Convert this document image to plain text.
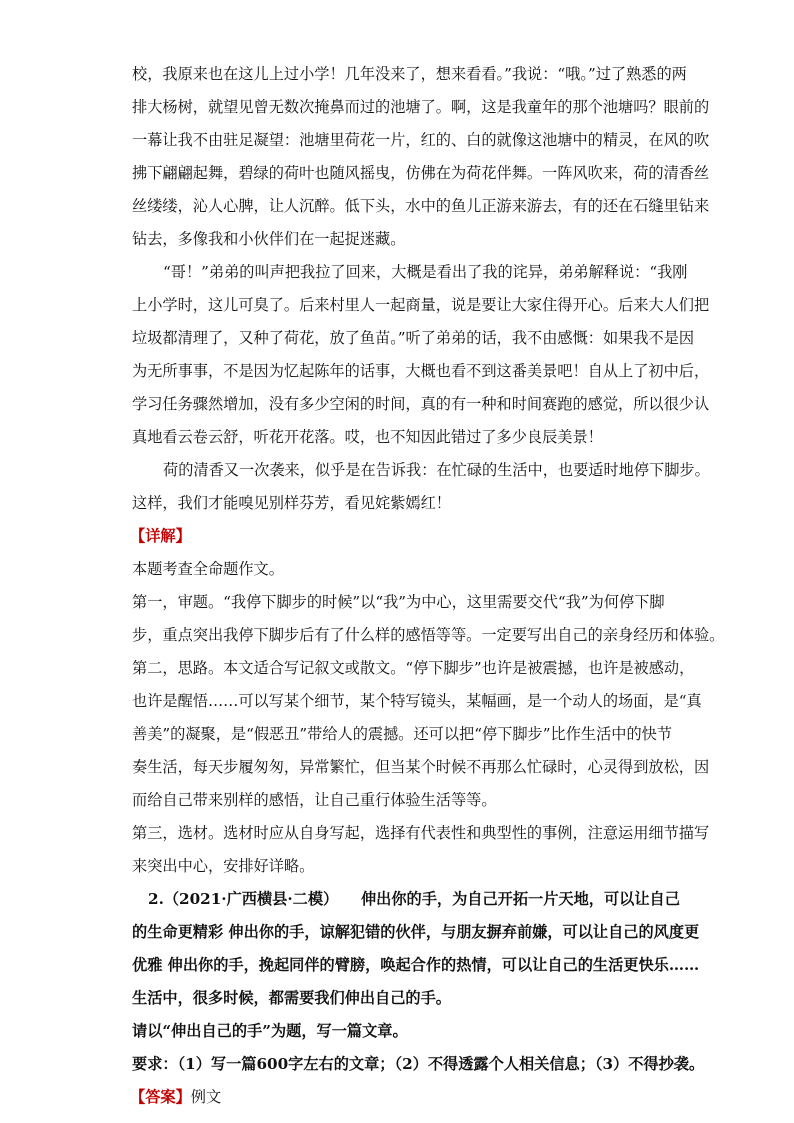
校，我原来也在这儿上过小学！几年没来了，想来看看。”我说：“哦。”过了熟悉的两
排大杨树，就望见曾无数次掩鼻而过的池塘了。啊，这是我童年的那个池塘吗？眼前的
一幕让我不由驻足凝望：池塘里荷花一片，红的、白的就像这池塘中的精灵，在风的吹
拂下翩翩起舞，碧绿的荷叶也随风摇曳，仿佛在为荷花伴舞。一阵风吹来，荷的清香丝
丝缕缕，沁人心脾，让人沉醉。低下头，水中的鱼儿正游来游去，有的还在石缝里钻来
钻去，多像我和小伙伴们在一起捉迷藏。
“哥！”弟弟的叫声把我拉了回来，大概是看出了我的诧异，弟弟解释说：“我刚
上小学时，这儿可臭了。后来村里人一起商量，说是要让大家住得开心。后来大人们把
垃圾都清理了，又种了荷花，放了鱼苗。”听了弟弟的话，我不由感慨：如果我不是因
为无所事事，不是因为忆起陈年的话事，大概也看不到这番美景吧！自从上了初中后，
学习任务骤然增加，没有多少空闲的时间，真的有一种和时间赛跑的感觉，所以很少认
真地看云卷云舒，听花开花落。哎，也不知因此错过了多少良辰美景！
荷的清香又一次袭来，似乎是在告诉我：在忙碌的生活中，也要适时地停下脚步。
这样，我们才能嗅见别样芬芳，看见姹紫嫣红！
【详解】
本题考查全命题作文。
第一，审题。“我停下脚步的时候”以“我”为中心，这里需要交代“我”为何停下脚
步，重点突出我停下脚步后有了什么样的感悟等等。一定要写出自己的亲身经历和体验。
第二，思路。本文适合写记叙文或散文。“停下脚步”也许是被震撼，也许是被感动，
也许是醒悟……可以写某个细节，某个特写镜头，某幅画，是一个动人的场面，是“真
善美”的凝聚，是“假恶丑”带给人的震撼。还可以把“停下脚步”比作生活中的快节
奏生活，每天步履匆匆，异常繁忙，但当某个时候不再那么忙碌时，心灵得到放松，因
而给自己带来别样的感悟，让自己重行体验生活等等。
第三，选材。选材时应从自身写起，选择有代表性和典型性的事例，注意运用细节描写
来突出中心，安排好详略。
2.（2021·广西横县·二模）　　伸出你的手，为自己开拓一片天地，可以让自己
的生命更精彩 伸出你的手，谅解犯错的伙伴，与朋友摒弃前嫌，可以让自己的风度更
优雅 伸出你的手，挽起同伴的臂膀，唤起合作的热情，可以让自己的生活更快乐……
生活中，很多时候，都需要我们伸出自己的手。
请以“伸出自己的手”为题，写一篇文章。
要求：（1）写一篇600字左右的文章；（2）不得透露个人相关信息；（3）不得抄袭。
【答案】例文
